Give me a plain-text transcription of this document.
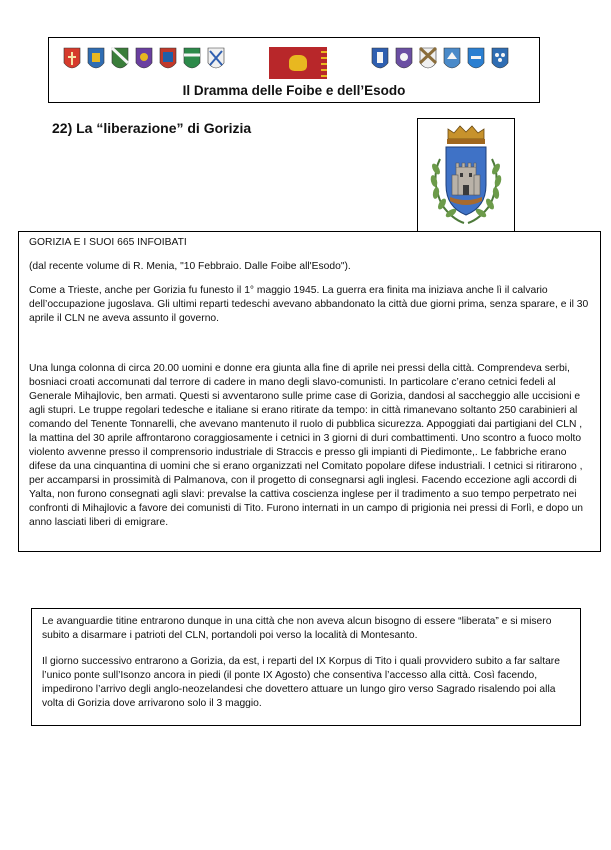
Il Dramma delle Foibe e dell’Esodo
22) La “liberazione” di Gorizia
GORIZIA E I SUOI 665 INFOIBATI
(dal recente volume di R. Menia, "10 Febbraio. Dalle Foibe all'Esodo").
Come a Trieste, anche per Gorizia fu funesto il 1° maggio 1945. La guerra era finita ma iniziava anche lì il calvario dell’occupazione jugoslava. Gli ultimi reparti tedeschi avevano abbandonato la città due giorni prima, senza sparare, e il 30 aprile il CLN ne aveva assunto il governo.
Una lunga colonna di circa 20.00 uomini e donne era giunta alla fine di aprile nei pressi della città. Comprendeva serbi, bosniaci croati accomunati dal terrore di cadere in mano degli slavo-comunisti. In particolare c’erano cetnici fedeli al Generale Mihajlovic, ben armati. Questi si avventarono sulle prime case di Gorizia, dandosi al saccheggio alle uccisioni e agli stupri. Le truppe regolari tedesche e italiane si erano ritirate da tempo: in città rimanevano soltanto 250 carabinieri al comando del Tenente Tonnarelli, che avevano mantenuto il ruolo di pubblica sicurezza. Appoggiati dai partigiani del CLN , la mattina del 30 aprile affrontarono coraggiosamente i cetnici in 3 giorni di duri combattimenti. Uno scontro a fuoco molto violento avvenne presso il comprensorio industriale di Straccis e presso gli impianti di Piedimonte,. Le fabbriche erano difese da una cinquantina di uomini che si erano organizzati nel Comitato popolare difese industriali. I cetnici si ritirarono , per accamparsi in prossimità di Palmanova, con il progetto di consegnarsi agli inglesi. Facendo eccezione agli accordi di Yalta, non furono consegnati agli slavi: prevalse la cattiva coscienza inglese per il tradimento a suo tempo perpetrato nei confronti di Mihajlovic a favore dei comunisti di Tito. Furono internati in un campo di prigionia nei pressi di Forlì, e dopo un anno lasciati liberi di emigrare.
Le avanguardie titine entrarono dunque in una città che non aveva alcun bisogno di essere “liberata” e si misero subito a disarmare i patrioti del CLN, portandoli poi verso la località di Montesanto.
Il giorno successivo entrarono a Gorizia, da est, i reparti del IX Korpus di Tito i quali provvidero subito a far saltare l’unico ponte sull’Isonzo ancora in piedi (il ponte IX Agosto) che consentiva l’accesso alla città. Così facendo, impedirono l’arrivo degli anglo-neozelandesi che dovettero attuare un lungo giro verso Sagrado risalendo poi alla volta di Gorizia dove arrivarono solo il 3 maggio.
